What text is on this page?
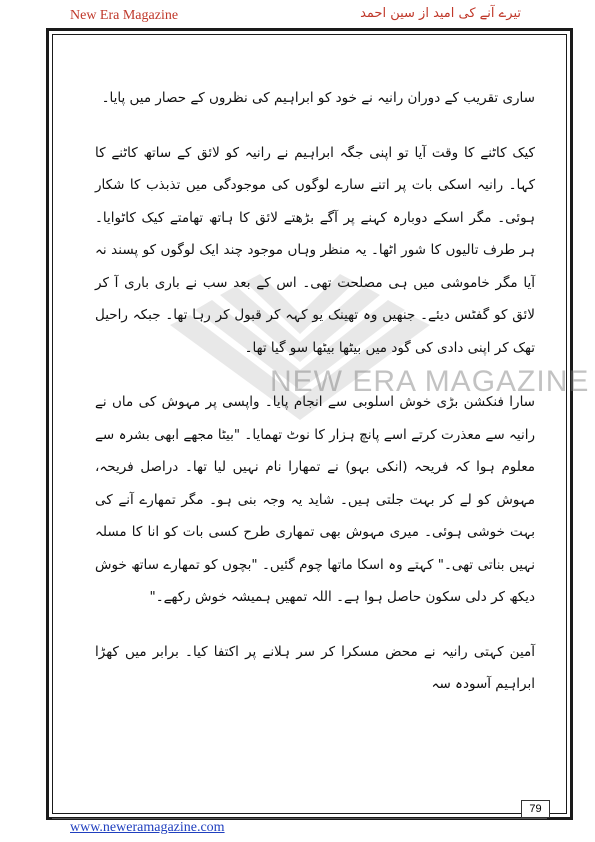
New Era Magazine	تیرے آنے کی امید از سین احمد
NEW ERA MAGAZINE

ساری تقریب کے دوران رانیہ نے خود کو ابراہیم کی نظروں کے حصار میں پایا۔

کیک کاٹنے کا وقت آیا تو اپنی جگہ ابراہیم نے رانیہ کو لائق کے ساتھ کاٹنے کا کہا۔ رانیہ اسکی بات پر اتنے سارے لوگوں کی موجودگی میں تذبذب کا شکار ہوئی۔ مگر اسکے دوبارہ کہنے پر آگے بڑھتے لائق کا ہاتھ تھامتے کیک کاٹوایا۔ ہر طرف تالیوں کا شور اٹھا۔ یہ منظر وہاں موجود چند ایک لوگوں کو پسند نہ آیا مگر خاموشی میں ہی مصلحت تھی۔ اس کے بعد سب نے باری باری آ کر لائق کو گفٹس دیئے۔ جنھیں وہ تھینک یو کہہ کر قبول کر رہا تھا۔ جبکہ راحیل تھک کر اپنی دادی کی گود میں بیٹھا بیٹھا سو گیا تھا۔

سارا فنکشن بڑی خوش اسلوبی سے انجام پایا۔ واپسی پر مہوش کی ماں نے رانیہ سے معذرت کرتے اسے پانچ ہزار کا نوٹ تھمایا۔ "بیٹا مجھے ابھی بشرہ سے معلوم ہوا کہ فریحہ (انکی بہو) نے تمھارا نام نہیں لیا تھا۔ دراصل فریحہ، مہوش کو لے کر بہت جلتی ہیں۔ شاید یہ وجہ بنی ہو۔ مگر تمھارے آنے کی بہت خوشی ہوئی۔ میری مہوش بھی تمھاری طرح کسی بات کو انا کا مسلہ نہیں بناتی تھی۔" کہتے وہ اسکا ماتھا چوم گئیں۔ "بچوں کو تمھارے ساتھ خوش دیکھ کر دلی سکون حاصل ہوا ہے۔ اللہ تمھیں ہمیشہ خوش رکھے۔"

آمین کہتی رانیہ نے محض مسکرا کر سر ہلانے پر اکتفا کیا۔ برابر میں کھڑا ابراہیم آسودہ سہ

79
www.neweramagazine.com
